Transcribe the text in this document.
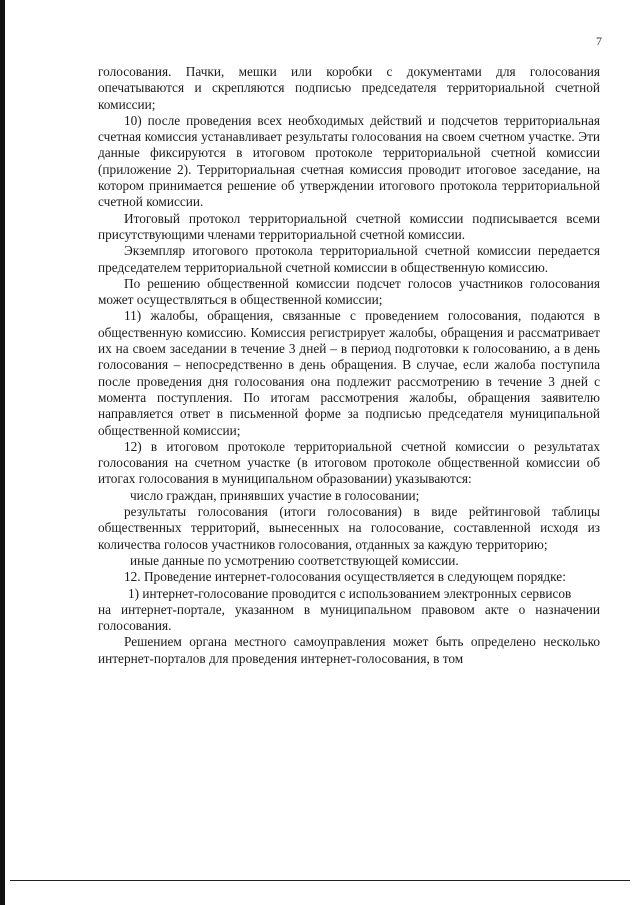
7

голосования. Пачки, мешки или коробки с документами для голосования опечатываются и скрепляются подписью председателя территориальной счетной комиссии;

10) после проведения всех необходимых действий и подсчетов территориальная счетная комиссия устанавливает результаты голосования на своем счетном участке. Эти данные фиксируются в итоговом протоколе территориальной счетной комиссии (приложение 2). Территориальная счетная комиссия проводит итоговое заседание, на котором принимается решение об утверждении итогового протокола территориальной счетной комиссии.

Итоговый протокол территориальной счетной комиссии подписывается всеми присутствующими членами территориальной счетной комиссии.

Экземпляр итогового протокола территориальной счетной комиссии передается председателем территориальной счетной комиссии в общественную комиссию.

По решению общественной комиссии подсчет голосов участников голосования может осуществляться в общественной комиссии;

11) жалобы, обращения, связанные с проведением голосования, подаются в общественную комиссию. Комиссия регистрирует жалобы, обращения и рассматривает их на своем заседании в течение 3 дней – в период подготовки к голосованию, а в день голосования – непосредственно в день обращения. В случае, если жалоба поступила после проведения дня голосования она подлежит рассмотрению в течение 3 дней с момента поступления. По итогам рассмотрения жалобы, обращения заявителю направляется ответ в письменной форме за подписью председателя муниципальной общественной комиссии;

12) в итоговом протоколе территориальной счетной комиссии о результатах голосования на счетном участке (в итоговом протоколе общественной комиссии об итогах голосования в муниципальном образовании) указываются:

число граждан, принявших участие в голосовании;

результаты голосования (итоги голосования) в виде рейтинговой таблицы общественных территорий, вынесенных на голосование, составленной исходя из количества голосов участников голосования, отданных за каждую территорию;

иные данные по усмотрению соответствующей комиссии.

12. Проведение интернет-голосования осуществляется в следующем порядке:

1) интернет-голосование проводится с использованием электронных сервисов

на интернет-портале, указанном в муниципальном правовом акте о назначении голосования.

Решением органа местного самоуправления может быть определено несколько интернет-порталов для проведения интернет-голосования, в том
